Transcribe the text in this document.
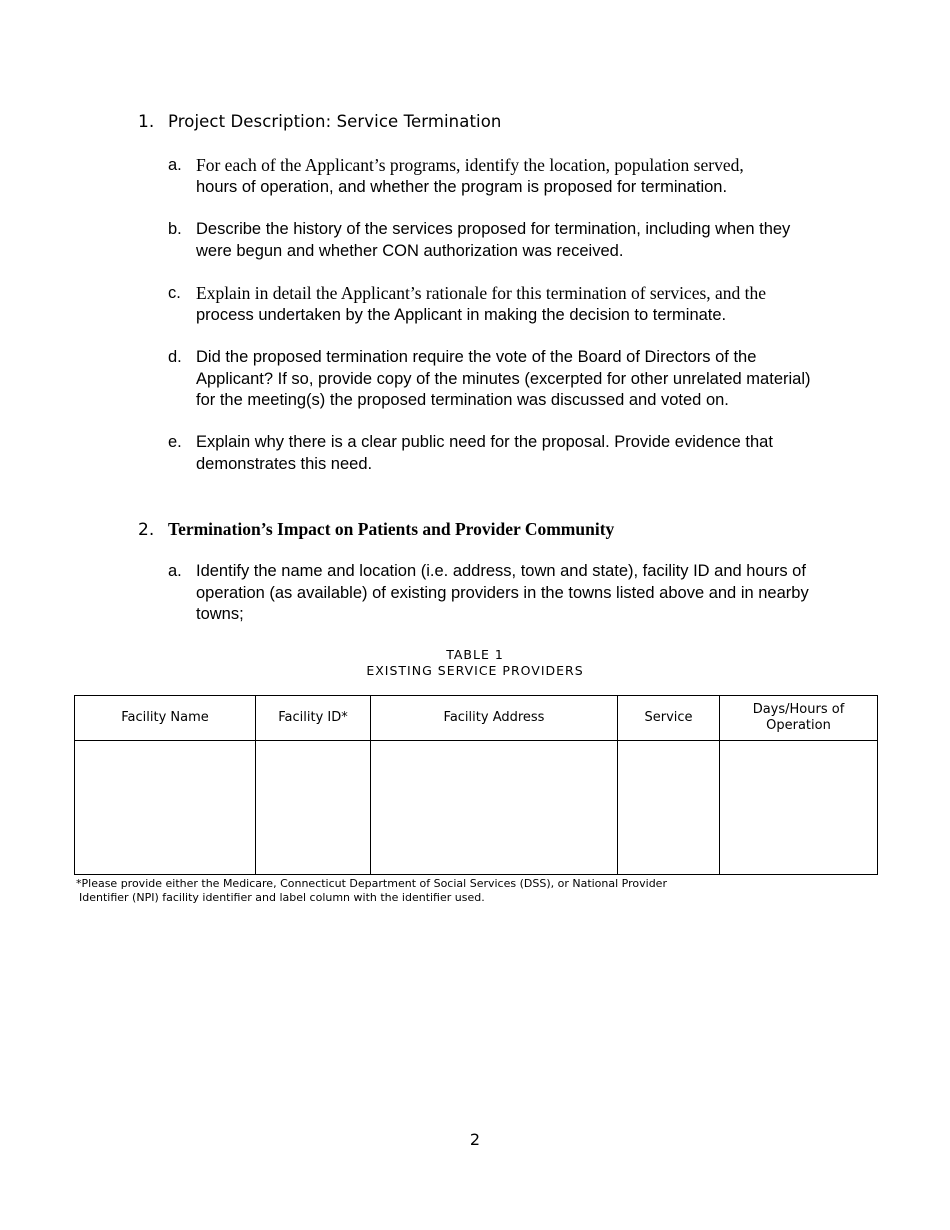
1. Project Description: Service Termination
a. For each of the Applicant’s programs, identify the location, population served,
hours of operation, and whether the program is proposed for termination.
b. Describe the history of the services proposed for termination, including when they were begun and whether CON authorization was received.
c. Explain in detail the Applicant’s rationale for this termination of services, and the
process undertaken by the Applicant in making the decision to terminate.
d. Did the proposed termination require the vote of the Board of Directors of the Applicant? If so, provide copy of the minutes (excerpted for other unrelated material) for the meeting(s) the proposed termination was discussed and voted on.
e. Explain why there is a clear public need for the proposal. Provide evidence that demonstrates this need.
2. Termination’s Impact on Patients and Provider Community
a. Identify the name and location (i.e. address, town and state), facility ID and hours of operation (as available) of existing providers in the towns listed above and in nearby towns;
TABLE 1
EXISTING SERVICE PROVIDERS
Facility Name	Facility ID*	Facility Address	Service	Days/Hours of Operation

*Please provide either the Medicare, Connecticut Department of Social Services (DSS), or National Provider
Identifier (NPI) facility identifier and label column with the identifier used.
2
